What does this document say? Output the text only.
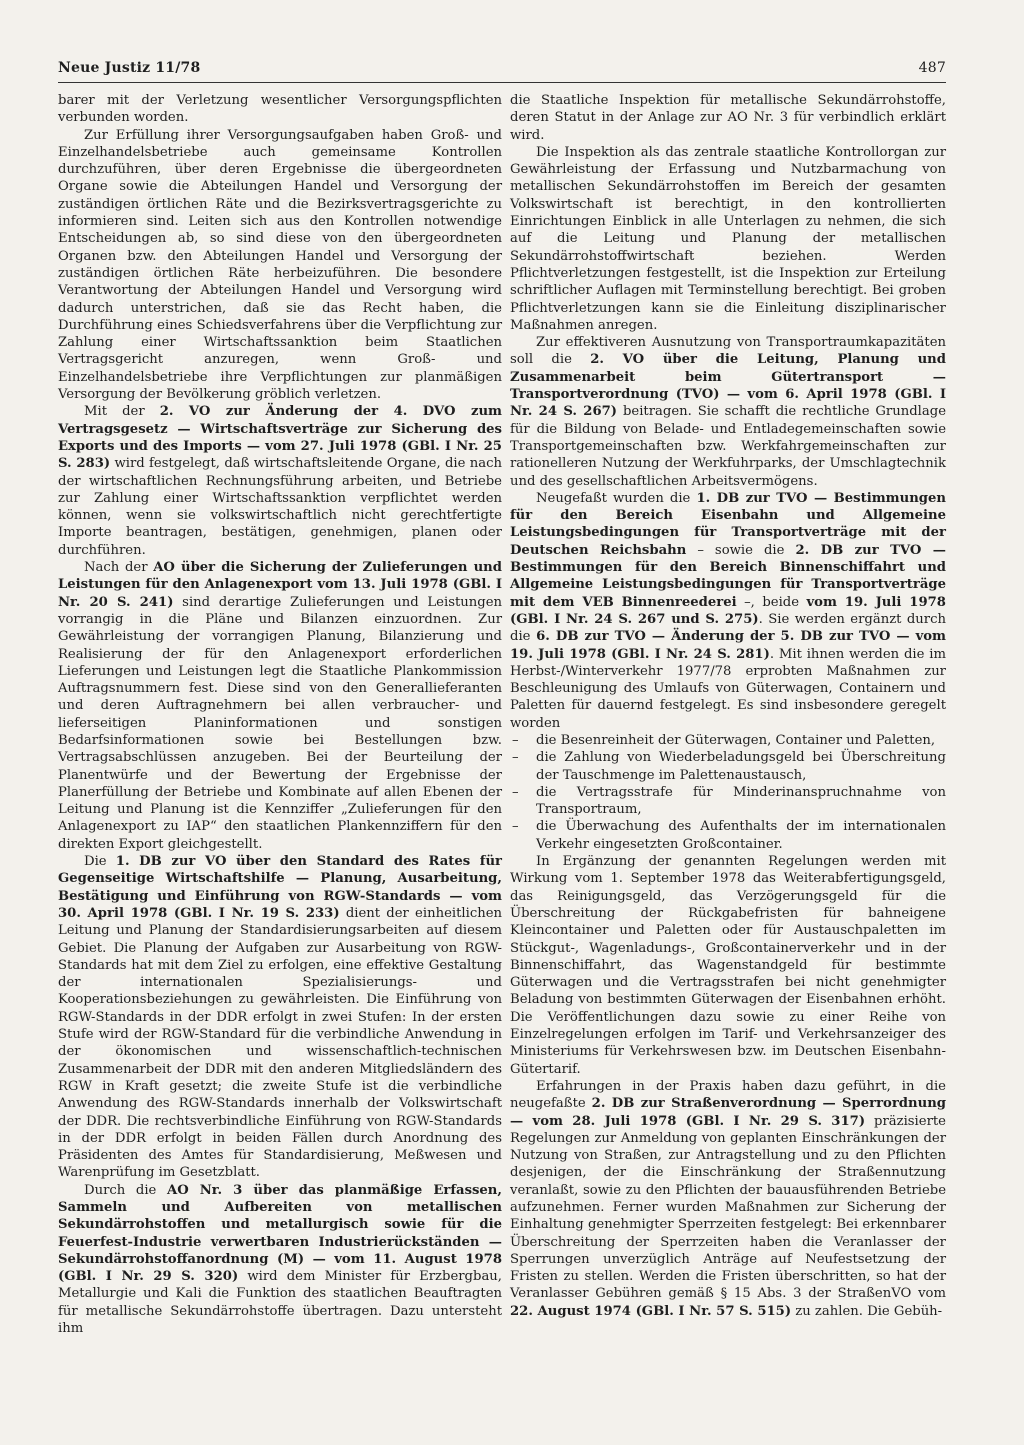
Neue Justiz 11/78	487

barer mit der Verletzung wesentlicher Versorgungspflichten verbunden worden.

Zur Erfüllung ihrer Versorgungsaufgaben haben Groß- und Einzelhandelsbetriebe auch gemeinsame Kontrollen durchzuführen, über deren Ergebnisse die übergeordneten Organe sowie die Abteilungen Handel und Versorgung der zuständigen örtlichen Räte und die Bezirksvertragsgerichte zu informieren sind. Leiten sich aus den Kontrollen notwendige Entscheidungen ab, so sind diese von den übergeordneten Organen bzw. den Abteilungen Handel und Versorgung der zuständigen örtlichen Räte herbeizuführen. Die besondere Verantwortung der Abteilungen Handel und Versorgung wird dadurch unterstrichen, daß sie das Recht haben, die Durchführung eines Schiedsverfahrens über die Verpflichtung zur Zahlung einer Wirtschaftssanktion beim Staatlichen Vertragsgericht anzuregen, wenn Groß- und Einzelhandelsbetriebe ihre Verpflichtungen zur planmäßigen Versorgung der Bevölkerung gröblich verletzen.

Mit der 2. VO zur Änderung der 4. DVO zum Vertragsgesetz — Wirtschaftsverträge zur Sicherung des Exports und des Imports — vom 27. Juli 1978 (GBl. I Nr. 25 S. 283) wird festgelegt, daß wirtschaftsleitende Organe, die nach der wirtschaftlichen Rechnungsführung arbeiten, und Betriebe zur Zahlung einer Wirtschaftssanktion verpflichtet werden können, wenn sie volkswirtschaftlich nicht gerechtfertigte Importe beantragen, bestätigen, genehmigen, planen oder durchführen.

Nach der AO über die Sicherung der Zulieferungen und Leistungen für den Anlagenexport vom 13. Juli 1978 (GBl. I Nr. 20 S. 241) sind derartige Zulieferungen und Leistungen vorrangig in die Pläne und Bilanzen einzuordnen. Zur Gewährleistung der vorrangigen Planung, Bilanzierung und Realisierung der für den Anlagenexport erforderlichen Lieferungen und Leistungen legt die Staatliche Plankommission Auftragsnummern fest. Diese sind von den Generallieferanten und deren Auftragnehmern bei allen verbraucher- und lieferseitigen Planinformationen und sonstigen Bedarfsinformationen sowie bei Bestellungen bzw. Vertragsabschlüssen anzugeben. Bei der Beurteilung der Planentwürfe und der Bewertung der Ergebnisse der Planerfüllung der Betriebe und Kombinate auf allen Ebenen der Leitung und Planung ist die Kennziffer „Zulieferungen für den Anlagenexport zu IAP“ den staatlichen Plankennziffern für den direkten Export gleichgestellt.

Die 1. DB zur VO über den Standard des Rates für Gegenseitige Wirtschaftshilfe — Planung, Ausarbeitung, Bestätigung und Einführung von RGW-Standards — vom 30. April 1978 (GBl. I Nr. 19 S. 233) dient der einheitlichen Leitung und Planung der Standardisierungsarbeiten auf diesem Gebiet. Die Planung der Aufgaben zur Ausarbeitung von RGW-Standards hat mit dem Ziel zu erfolgen, eine effektive Gestaltung der internationalen Spezialisierungs- und Kooperationsbeziehungen zu gewährleisten. Die Einführung von RGW-Standards in der DDR erfolgt in zwei Stufen: In der ersten Stufe wird der RGW-Standard für die verbindliche Anwendung in der ökonomischen und wissenschaftlich-technischen Zusammenarbeit der DDR mit den anderen Mitgliedsländern des RGW in Kraft gesetzt; die zweite Stufe ist die verbindliche Anwendung des RGW-Standards innerhalb der Volkswirtschaft der DDR. Die rechtsverbindliche Einführung von RGW-Standards in der DDR erfolgt in beiden Fällen durch Anordnung des Präsidenten des Amtes für Standardisierung, Meßwesen und Warenprüfung im Gesetzblatt.

Durch die AO Nr. 3 über das planmäßige Erfassen, Sammeln und Aufbereiten von metallischen Sekundärrohstoffen und metallurgisch sowie für die Feuerfest-Industrie verwertbaren Industrierückständen — Sekundärrohstoffanordnung (M) — vom 11. August 1978 (GBl. I Nr. 29 S. 320) wird dem Minister für Erzbergbau, Metallurgie und Kali die Funktion des staatlichen Beauftragten für metallische Sekundärrohstoffe übertragen. Dazu untersteht ihm

die Staatliche Inspektion für metallische Sekundärrohstoffe, deren Statut in der Anlage zur AO Nr. 3 für verbindlich erklärt wird.

Die Inspektion als das zentrale staatliche Kontrollorgan zur Gewährleistung der Erfassung und Nutzbarmachung von metallischen Sekundärrohstoffen im Bereich der gesamten Volkswirtschaft ist berechtigt, in den kontrollierten Einrichtungen Einblick in alle Unterlagen zu nehmen, die sich auf die Leitung und Planung der metallischen Sekundärrohstoffwirtschaft beziehen. Werden Pflichtverletzungen festgestellt, ist die Inspektion zur Erteilung schriftlicher Auflagen mit Terminstellung berechtigt. Bei groben Pflichtverletzungen kann sie die Einleitung disziplinarischer Maßnahmen anregen.

Zur effektiveren Ausnutzung von Transportraumkapazitäten soll die 2. VO über die Leitung, Planung und Zusammenarbeit beim Gütertransport — Transportverordnung (TVO) — vom 6. April 1978 (GBl. I Nr. 24 S. 267) beitragen. Sie schafft die rechtliche Grundlage für die Bildung von Belade- und Entladegemeinschaften sowie Transportgemeinschaften bzw. Werkfahrgemeinschaften zur rationelleren Nutzung der Werkfuhrparks, der Umschlagtechnik und des gesellschaftlichen Arbeitsvermögens.

Neugefaßt wurden die 1. DB zur TVO — Bestimmungen für den Bereich Eisenbahn und Allgemeine Leistungsbedingungen für Transportverträge mit der Deutschen Reichsbahn – sowie die 2. DB zur TVO — Bestimmungen für den Bereich Binnenschiffahrt und Allgemeine Leistungsbedingungen für Transportverträge mit dem VEB Binnenreederei –, beide vom 19. Juli 1978 (GBl. I Nr. 24 S. 267 und S. 275). Sie werden ergänzt durch die 6. DB zur TVO — Änderung der 5. DB zur TVO — vom 19. Juli 1978 (GBl. I Nr. 24 S. 281). Mit ihnen werden die im Herbst-/Winterverkehr 1977/78 erprobten Maßnahmen zur Beschleunigung des Umlaufs von Güterwagen, Containern und Paletten für dauernd festgelegt. Es sind insbesondere geregelt worden

– die Besenreinheit der Güterwagen, Container und Paletten,
– die Zahlung von Wiederbeladungsgeld bei Überschreitung der Tauschmenge im Palettenaustausch,
– die Vertragsstrafe für Minderinanspruchnahme von Transportraum,
– die Überwachung des Aufenthalts der im internationalen Verkehr eingesetzten Großcontainer.

In Ergänzung der genannten Regelungen werden mit Wirkung vom 1. September 1978 das Weiterabfertigungsgeld, das Reinigungsgeld, das Verzögerungsgeld für die Überschreitung der Rückgabefristen für bahneigene Kleincontainer und Paletten oder für Austauschpaletten im Stückgut-, Wagenladungs-, Großcontainerverkehr und in der Binnenschiffahrt, das Wagenstandgeld für bestimmte Güterwagen und die Vertragsstrafen bei nicht genehmigter Beladung von bestimmten Güterwagen der Eisenbahnen erhöht. Die Veröffentlichungen dazu sowie zu einer Reihe von Einzelregelungen erfolgen im Tarif- und Verkehrsanzeiger des Ministeriums für Verkehrswesen bzw. im Deutschen Eisenbahn-Gütertarif.

Erfahrungen in der Praxis haben dazu geführt, in die neugefaßte 2. DB zur Straßenverordnung — Sperrordnung — vom 28. Juli 1978 (GBl. I Nr. 29 S. 317) präzisierte Regelungen zur Anmeldung von geplanten Einschränkungen der Nutzung von Straßen, zur Antragstellung und zu den Pflichten desjenigen, der die Einschränkung der Straßennutzung veranlaßt, sowie zu den Pflichten der bauausführenden Betriebe aufzunehmen. Ferner wurden Maßnahmen zur Sicherung der Einhaltung genehmigter Sperrzeiten festgelegt: Bei erkennbarer Überschreitung der Sperrzeiten haben die Veranlasser der Sperrungen unverzüglich Anträge auf Neufestsetzung der Fristen zu stellen. Werden die Fristen überschritten, so hat der Veranlasser Gebühren gemäß § 15 Abs. 3 der StraßenVO vom 22. August 1974 (GBl. I Nr. 57 S. 515) zu zahlen. Die Gebüh-
